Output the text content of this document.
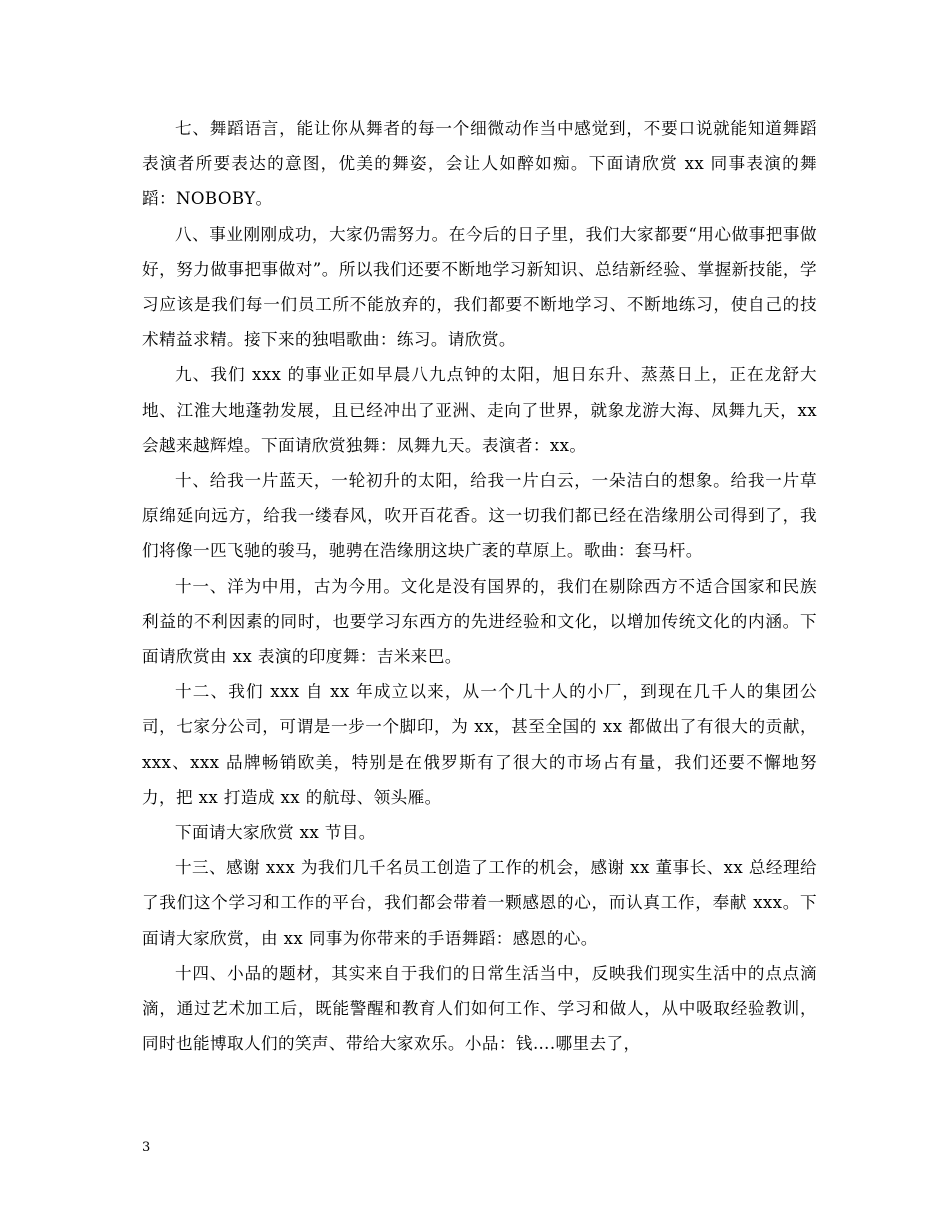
七、舞蹈语言，能让你从舞者的每一个细微动作当中感觉到，不要口说就能知道舞蹈表演者所要表达的意图，优美的舞姿，会让人如醉如痴。下面请欣赏 xx 同事表演的舞蹈：NOBOBY。

八、事业刚刚成功，大家仍需努力。在今后的日子里，我们大家都要“用心做事把事做好，努力做事把事做对”。所以我们还要不断地学习新知识、总结新经验、掌握新技能，学习应该是我们每一们员工所不能放弃的，我们都要不断地学习、不断地练习，使自己的技术精益求精。接下来的独唱歌曲：练习。请欣赏。

九、我们 xxx 的事业正如早晨八九点钟的太阳，旭日东升、蒸蒸日上，正在龙舒大地、江淮大地蓬勃发展，且已经冲出了亚洲、走向了世界，就象龙游大海、凤舞九天，xx 会越来越辉煌。下面请欣赏独舞：凤舞九天。表演者：xx。

十、给我一片蓝天，一轮初升的太阳，给我一片白云，一朵洁白的想象。给我一片草原绵延向远方，给我一缕春风，吹开百花香。这一切我们都已经在浩缘朋公司得到了，我们将像一匹飞驰的骏马，驰骋在浩缘朋这块广袤的草原上。歌曲：套马杆。

十一、洋为中用，古为今用。文化是没有国界的，我们在剔除西方不适合国家和民族利益的不利因素的同时，也要学习东西方的先进经验和文化，以增加传统文化的内涵。下面请欣赏由 xx 表演的印度舞：吉米来巴。

十二、我们 xxx 自 xx 年成立以来，从一个几十人的小厂，到现在几千人的集团公司，七家分公司，可谓是一步一个脚印，为 xx，甚至全国的 xx 都做出了有很大的贡献，xxx、xxx 品牌畅销欧美，特别是在俄罗斯有了很大的市场占有量，我们还要不懈地努力，把 xx 打造成 xx 的航母、领头雁。

下面请大家欣赏 xx 节目。

十三、感谢 xxx 为我们几千名员工创造了工作的机会，感谢 xx 董事长、xx 总经理给了我们这个学习和工作的平台，我们都会带着一颗感恩的心，而认真工作，奉献 xxx。下面请大家欣赏，由 xx 同事为你带来的手语舞蹈：感恩的心。

十四、小品的题材，其实来自于我们的日常生活当中，反映我们现实生活中的点点滴滴，通过艺术加工后，既能警醒和教育人们如何工作、学习和做人，从中吸取经验教训，同时也能博取人们的笑声、带给大家欢乐。小品：钱….哪里去了，

3
